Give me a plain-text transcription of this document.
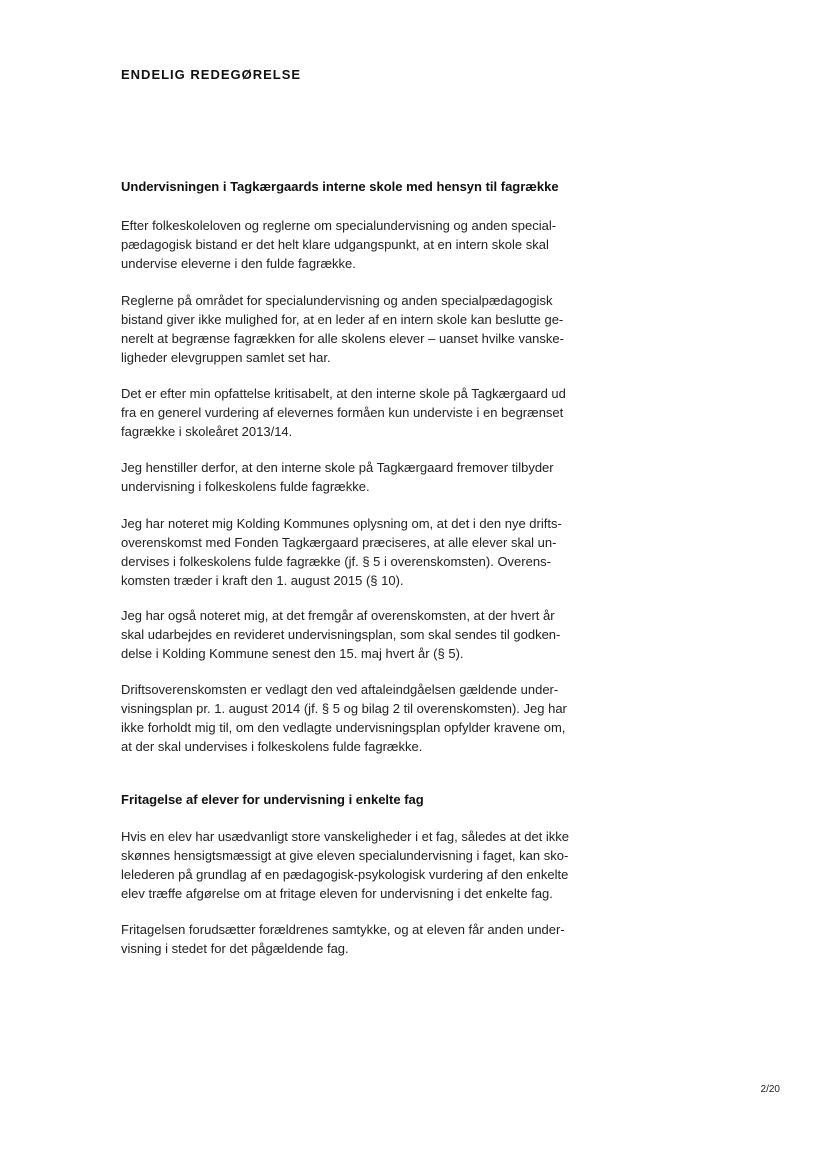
ENDELIG REDEGØRELSE
Undervisningen i Tagkærgaards interne skole med hensyn til fagrække

Efter folkeskoleloven og reglerne om specialundervisning og anden special-
pædagogisk bistand er det helt klare udgangspunkt, at en intern skole skal
undervise eleverne i den fulde fagrække.

Reglerne på området for specialundervisning og anden specialpædagogisk
bistand giver ikke mulighed for, at en leder af en intern skole kan beslutte ge-
nerelt at begrænse fagrækken for alle skolens elever – uanset hvilke vanske-
ligheder elevgruppen samlet set har.

Det er efter min opfattelse kritisabelt, at den interne skole på Tagkærgaard ud
fra en generel vurdering af elevernes formåen kun underviste i en begrænset
fagrække i skoleåret 2013/14.

Jeg henstiller derfor, at den interne skole på Tagkærgaard fremover tilbyder
undervisning i folkeskolens fulde fagrække.

Jeg har noteret mig Kolding Kommunes oplysning om, at det i den nye drifts-
overenskomst med Fonden Tagkærgaard præciseres, at alle elever skal un-
dervises i folkeskolens fulde fagrække (jf. § 5 i overenskomsten). Overens-
komsten træder i kraft den 1. august 2015 (§ 10).

Jeg har også noteret mig, at det fremgår af overenskomsten, at der hvert år
skal udarbejdes en revideret undervisningsplan, som skal sendes til godken-
delse i Kolding Kommune senest den 15. maj hvert år (§ 5).

Driftsoverenskomsten er vedlagt den ved aftaleindgåelsen gældende under-
visningsplan pr. 1. august 2014 (jf. § 5 og bilag 2 til overenskomsten). Jeg har
ikke forholdt mig til, om den vedlagte undervisningsplan opfylder kravene om,
at der skal undervises i folkeskolens fulde fagrække.

Fritagelse af elever for undervisning i enkelte fag

Hvis en elev har usædvanligt store vanskeligheder i et fag, således at det ikke
skønnes hensigtsmæssigt at give eleven specialundervisning i faget, kan sko-
lelederen på grundlag af en pædagogisk-psykologisk vurdering af den enkelte
elev træffe afgørelse om at fritage eleven for undervisning i det enkelte fag.

Fritagelsen forudsætter forældrenes samtykke, og at eleven får anden under-
visning i stedet for det pågældende fag.

2/20
